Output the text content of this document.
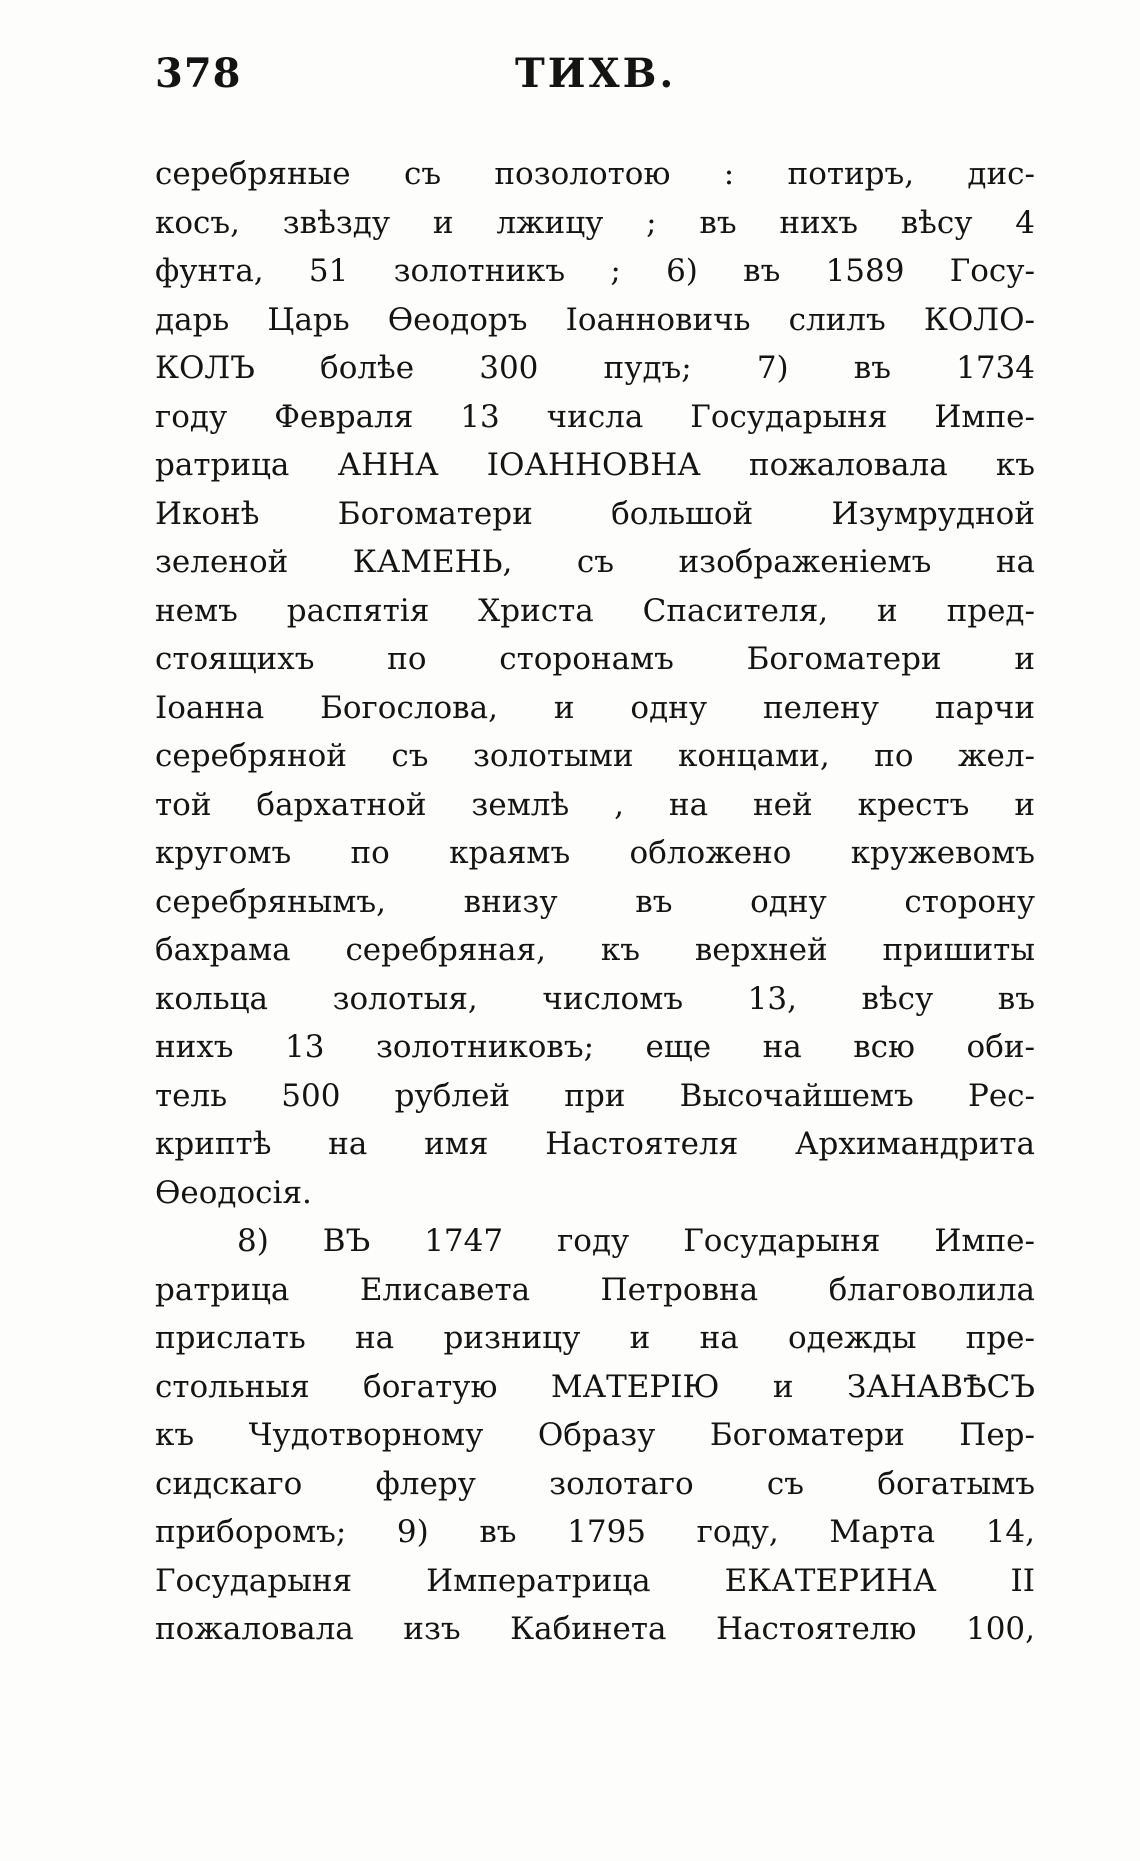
378	ТИХВ.
серебряные съ позолотою : потиръ, дис-
косъ, звѣзду и лжицу ; въ нихъ вѣсу 4
фунта, 51 золотникъ ; 6) въ 1589 Госу-
дарь Царь Ѳеодоръ Іоанновичь слилъ КОЛО-
КОЛЪ болѣе 300 пудъ; 7) въ 1734
году Февраля 13 числа Государыня Импе-
ратрица АННА ІОАННОВНА пожаловала къ
Иконѣ Богоматери большой Изумрудной
зеленой КАМЕНЬ, съ изображеніемъ на
немъ распятія Христа Спасителя, и пред-
стоящихъ по сторонамъ Богоматери и
Іоанна Богослова, и одну пелену парчи
серебряной съ золотыми концами, по жел-
той бархатной землѣ , на ней крестъ и
кругомъ по краямъ обложено кружевомъ
серебрянымъ, внизу въ одну сторону
бахрама серебряная, къ верхней пришиты
кольца золотыя, числомъ 13, вѣсу въ
нихъ 13 золотниковъ; еще на всю оби-
тель 500 рублей при Высочайшемъ Рес-
криптѣ на имя Настоятеля Архимандрита
Ѳеодосія.
8) ВЪ 1747 году Государыня Импе-
ратрица Елисавета Петровна благоволила
прислать на ризницу и на одежды пре-
стольныя богатую МАТЕРІЮ и ЗАНАВѢСЪ
къ Чудотворному Образу Богоматери Пер-
сидскаго флеру золотаго съ богатымъ
приборомъ; 9) въ 1795 году, Марта 14,
Государыня Императрица ЕКАТЕРИНА II
пожаловала изъ Кабинета Настоятелю 100,
